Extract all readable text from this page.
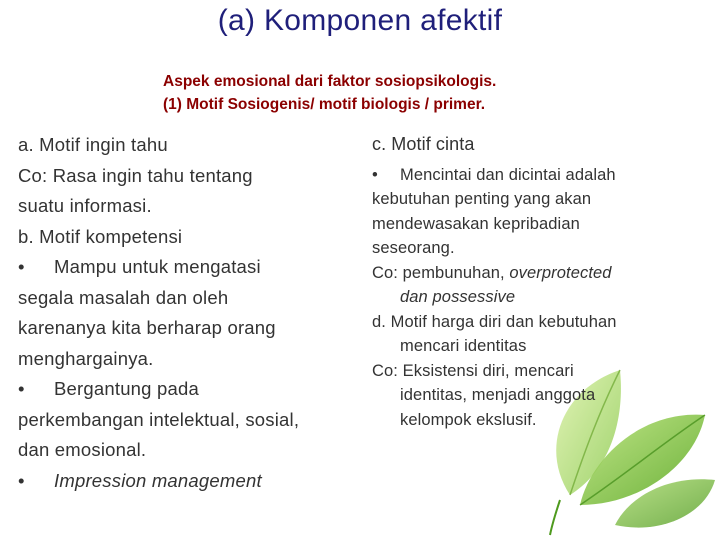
(a) Komponen afektif
Aspek emosional dari faktor sosiopsikologis.
(1) Motif Sosiogenis/ motif biologis / primer.
a. Motif ingin tahu
Co: Rasa ingin tahu tentang
suatu informasi.
b. Motif kompetensi
• Mampu untuk mengatasi
segala masalah dan oleh
karenanya kita berharap orang
menghargainya.
• Bergantung pada
perkembangan intelektual, sosial,
dan emosional.
• Impression management
c. Motif cinta
• Mencintai dan dicintai adalah
kebutuhan penting yang akan
mendewasakan kepribadian
seseorang.
Co: pembunuhan, overprotected
dan possessive
d. Motif harga diri dan kebutuhan
mencari identitas
Co: Eksistensi diri, mencari
identitas, menjadi anggota
kelompok ekslusif.
